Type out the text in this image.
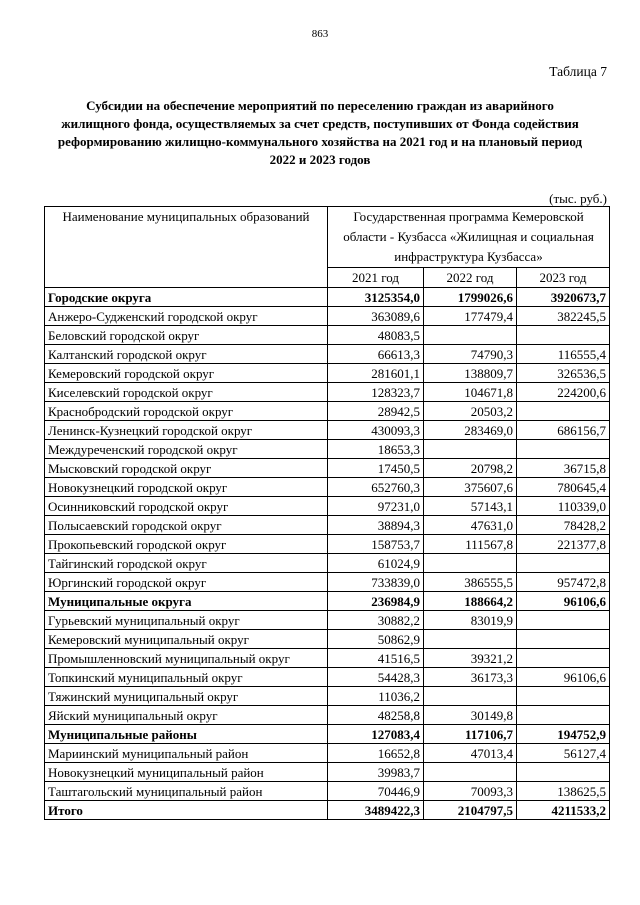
863
Таблица 7
Субсидии на обеспечение мероприятий по переселению граждан из аварийного жилищного фонда, осуществляемых за счет средств, поступивших от Фонда содействия реформированию жилищно-коммунального хозяйства на 2021 год и на плановый период 2022 и 2023 годов
(тыс. руб.)
Наименование муниципальных образований	Государственная программа Кемеровской области - Кузбасса «Жилищная и социальная инфраструктура Кузбасса»		
	2021 год	2022 год	2023 год
Городские округа	3125354,0	1799026,6	3920673,7
Анжеро-Судженский городской округ	363089,6	177479,4	382245,5
Беловский городской округ	48083,5		
Калтанский городской округ	66613,3	74790,3	116555,4
Кемеровский городской округ	281601,1	138809,7	326536,5
Киселевский городской округ	128323,7	104671,8	224200,6
Краснобродский городской округ	28942,5	20503,2	
Ленинск-Кузнецкий городской округ	430093,3	283469,0	686156,7
Междуреченский городской округ	18653,3		
Мысковский городской округ	17450,5	20798,2	36715,8
Новокузнецкий городской округ	652760,3	375607,6	780645,4
Осинниковский городской округ	97231,0	57143,1	110339,0
Полысаевский городской округ	38894,3	47631,0	78428,2
Прокопьевский городской округ	158753,7	111567,8	221377,8
Тайгинский городской округ	61024,9		
Юргинский городской округ	733839,0	386555,5	957472,8
Муниципальные округа	236984,9	188664,2	96106,6
Гурьевский муниципальный округ	30882,2	83019,9	
Кемеровский муниципальный округ	50862,9		
Промышленновский муниципальный округ	41516,5	39321,2	
Топкинский муниципальный округ	54428,3	36173,3	96106,6
Тяжинский муниципальный округ	11036,2		
Яйский муниципальный округ	48258,8	30149,8	
Муниципальные районы	127083,4	117106,7	194752,9
Мариинский муниципальный район	16652,8	47013,4	56127,4
Новокузнецкий муниципальный район	39983,7		
Таштагольский муниципальный район	70446,9	70093,3	138625,5
Итого	3489422,3	2104797,5	4211533,2
